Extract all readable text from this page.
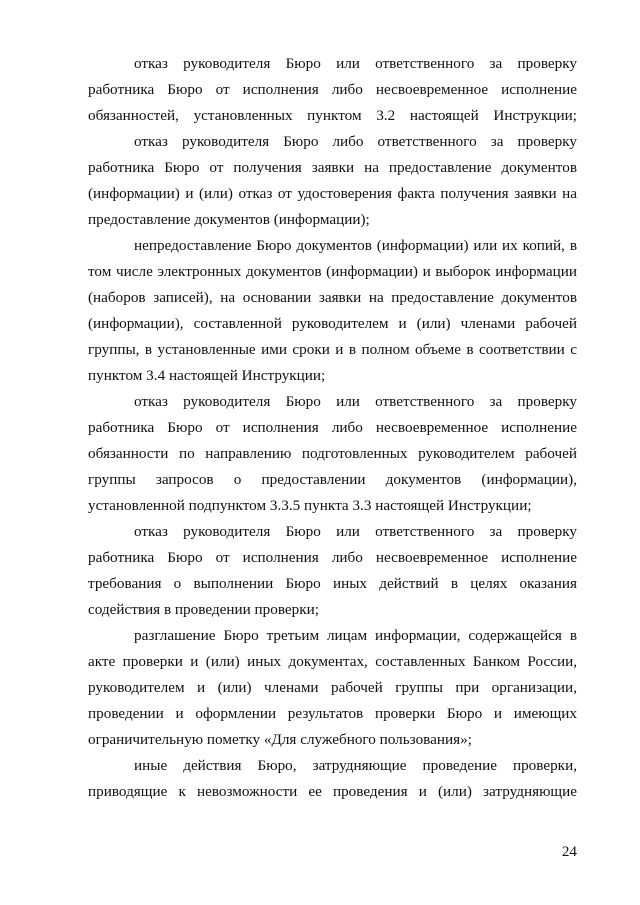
отказ руководителя Бюро или ответственного за проверку
работника Бюро от исполнения либо несвоевременное исполнение
обязанностей, установленных пунктом 3.2 настоящей Инструкции;
отказ руководителя Бюро либо ответственного за проверку
работника Бюро от получения заявки на предоставление документов
(информации) и (или) отказ от удостоверения факта получения заявки на
предоставление документов (информации);
непредоставление Бюро документов (информации) или их копий, в
том числе электронных документов (информации) и выборок информации
(наборов записей), на основании заявки на предоставление документов
(информации), составленной руководителем и (или) членами рабочей
группы, в установленные ими сроки и в полном объеме в соответствии с
пунктом 3.4 настоящей Инструкции;
отказ руководителя Бюро или ответственного за проверку
работника Бюро от исполнения либо несвоевременное исполнение
обязанности по направлению подготовленных руководителем рабочей
группы запросов о предоставлении документов (информации),
установленной подпунктом 3.3.5 пункта 3.3 настоящей Инструкции;
отказ руководителя Бюро или ответственного за проверку
работника Бюро от исполнения либо несвоевременное исполнение
требования о выполнении Бюро иных действий в целях оказания
содействия в проведении проверки;
разглашение Бюро третьим лицам информации, содержащейся в
акте проверки и (или) иных документах, составленных Банком России,
руководителем и (или) членами рабочей группы при организации,
проведении и оформлении результатов проверки Бюро и имеющих
ограничительную пометку «Для служебного пользования»;
иные действия Бюро, затрудняющие проведение проверки,
приводящие к невозможности ее проведения и (или) затрудняющие
24
